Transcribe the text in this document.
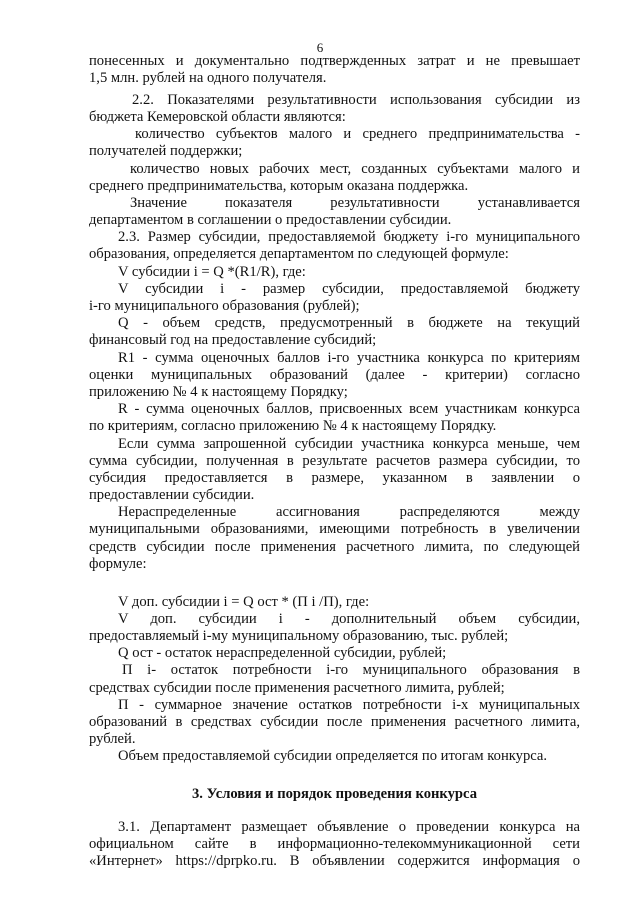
6
понесенных и документально подтвержденных затрат и не превышает
1,5 млн. рублей на одного получателя.
2.2. Показателями результативности использования субсидии из
бюджета Кемеровской области являются:
количество субъектов малого и среднего предпринимательства -
получателей поддержки;
количество новых рабочих мест, созданных субъектами малого и
среднего предпринимательства, которым оказана поддержка.
Значение показателя результативности устанавливается
департаментом в соглашении о предоставлении субсидии.
2.3. Размер субсидии, предоставляемой бюджету i-го муниципального
образования, определяется департаментом по следующей формуле:
V субсидии i = Q *(R1/R), где:
V субсидии i - размер субсидии, предоставляемой бюджету
i-го муниципального образования (рублей);
Q - объем средств, предусмотренный в бюджете на текущий
финансовый год на предоставление субсидий;
R1 - сумма оценочных баллов i-го участника конкурса по критериям
оценки муниципальных образований (далее - критерии) согласно
приложению № 4 к настоящему Порядку;
R - сумма оценочных баллов, присвоенных всем участникам конкурса
по критериям, согласно приложению № 4 к настоящему Порядку.
Если сумма запрошенной субсидии участника конкурса меньше, чем
сумма субсидии, полученная в результате расчетов размера субсидии, то
субсидия предоставляется в размере, указанном в заявлении о
предоставлении субсидии.
Нераспределенные ассигнования распределяются между
муниципальными образованиями, имеющими потребность в увеличении
средств субсидии после применения расчетного лимита, по следующей
формуле:
V доп. субсидии i = Q ост * (П i /П), где:
V доп. субсидии i - дополнительный объем субсидии,
предоставляемый i-му муниципальному образованию, тыс. рублей;
Q ост - остаток нераспределенной субсидии, рублей;
П i- остаток потребности i-го муниципального образования в
средствах субсидии после применения расчетного лимита, рублей;
П - суммарное значение остатков потребности i-х муниципальных
образований в средствах субсидии после применения расчетного лимита,
рублей.
Объем предоставляемой субсидии определяется по итогам конкурса.
3. Условия и порядок проведения конкурса
3.1. Департамент размещает объявление о проведении конкурса на
официальном сайте в информационно-телекоммуникационной сети
«Интернет» https://dprpko.ru. В объявлении содержится информация о
